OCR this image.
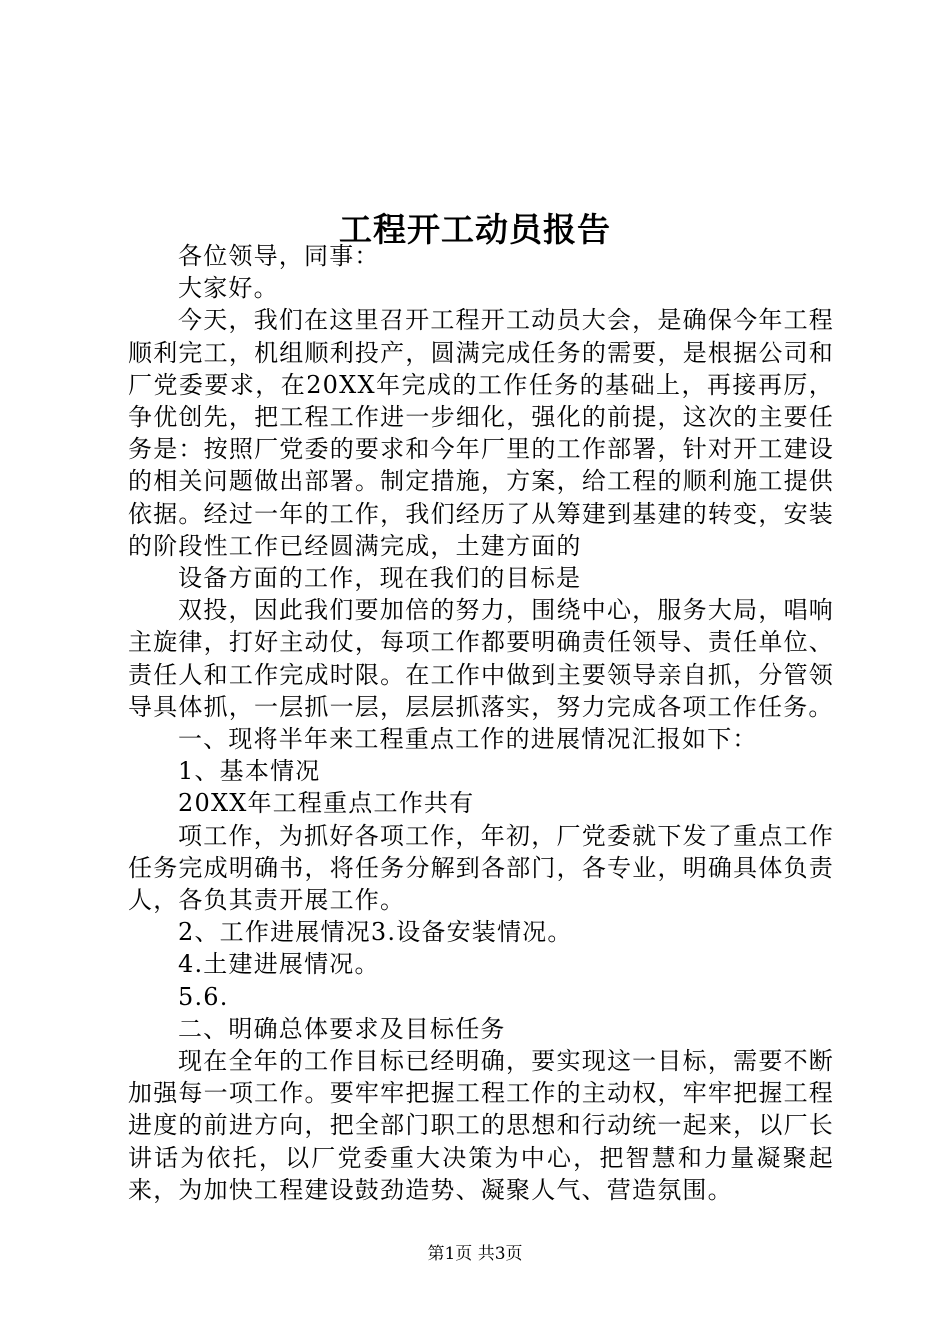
工程开工动员报告

各位领导，同事：

大家好。

今天，我们在这里召开工程开工动员大会，是确保今年工程顺利完工，机组顺利投产，圆满完成任务的需要，是根据公司和厂党委要求，在20XX年完成的工作任务的基础上，再接再厉，争优创先，把工程工作进一步细化，强化的前提，这次的主要任务是：按照厂党委的要求和今年厂里的工作部署，针对开工建设的相关问题做出部署。制定措施，方案，给工程的顺利施工提供依据。经过一年的工作，我们经历了从筹建到基建的转变，安装的阶段性工作已经圆满完成，土建方面的

设备方面的工作，现在我们的目标是

双投，因此我们要加倍的努力，围绕中心，服务大局，唱响主旋律，打好主动仗，每项工作都要明确责任领导、责任单位、责任人和工作完成时限。在工作中做到主要领导亲自抓，分管领导具体抓，一层抓一层，层层抓落实，努力完成各项工作任务。

一、现将半年来工程重点工作的进展情况汇报如下：

1、基本情况

20XX年工程重点工作共有

项工作，为抓好各项工作，年初，厂党委就下发了重点工作任务完成明确书，将任务分解到各部门，各专业，明确具体负责人，各负其责开展工作。

2、工作进展情况3.设备安装情况。

4.土建进展情况。

5.6.

二、明确总体要求及目标任务

现在全年的工作目标已经明确，要实现这一目标，需要不断加强每一项工作。要牢牢把握工程工作的主动权，牢牢把握工程进度的前进方向，把全部门职工的思想和行动统一起来，以厂长讲话为依托，以厂党委重大决策为中心，把智慧和力量凝聚起来，为加快工程建设鼓劲造势、凝聚人气、营造氛围。

第1页 共3页
